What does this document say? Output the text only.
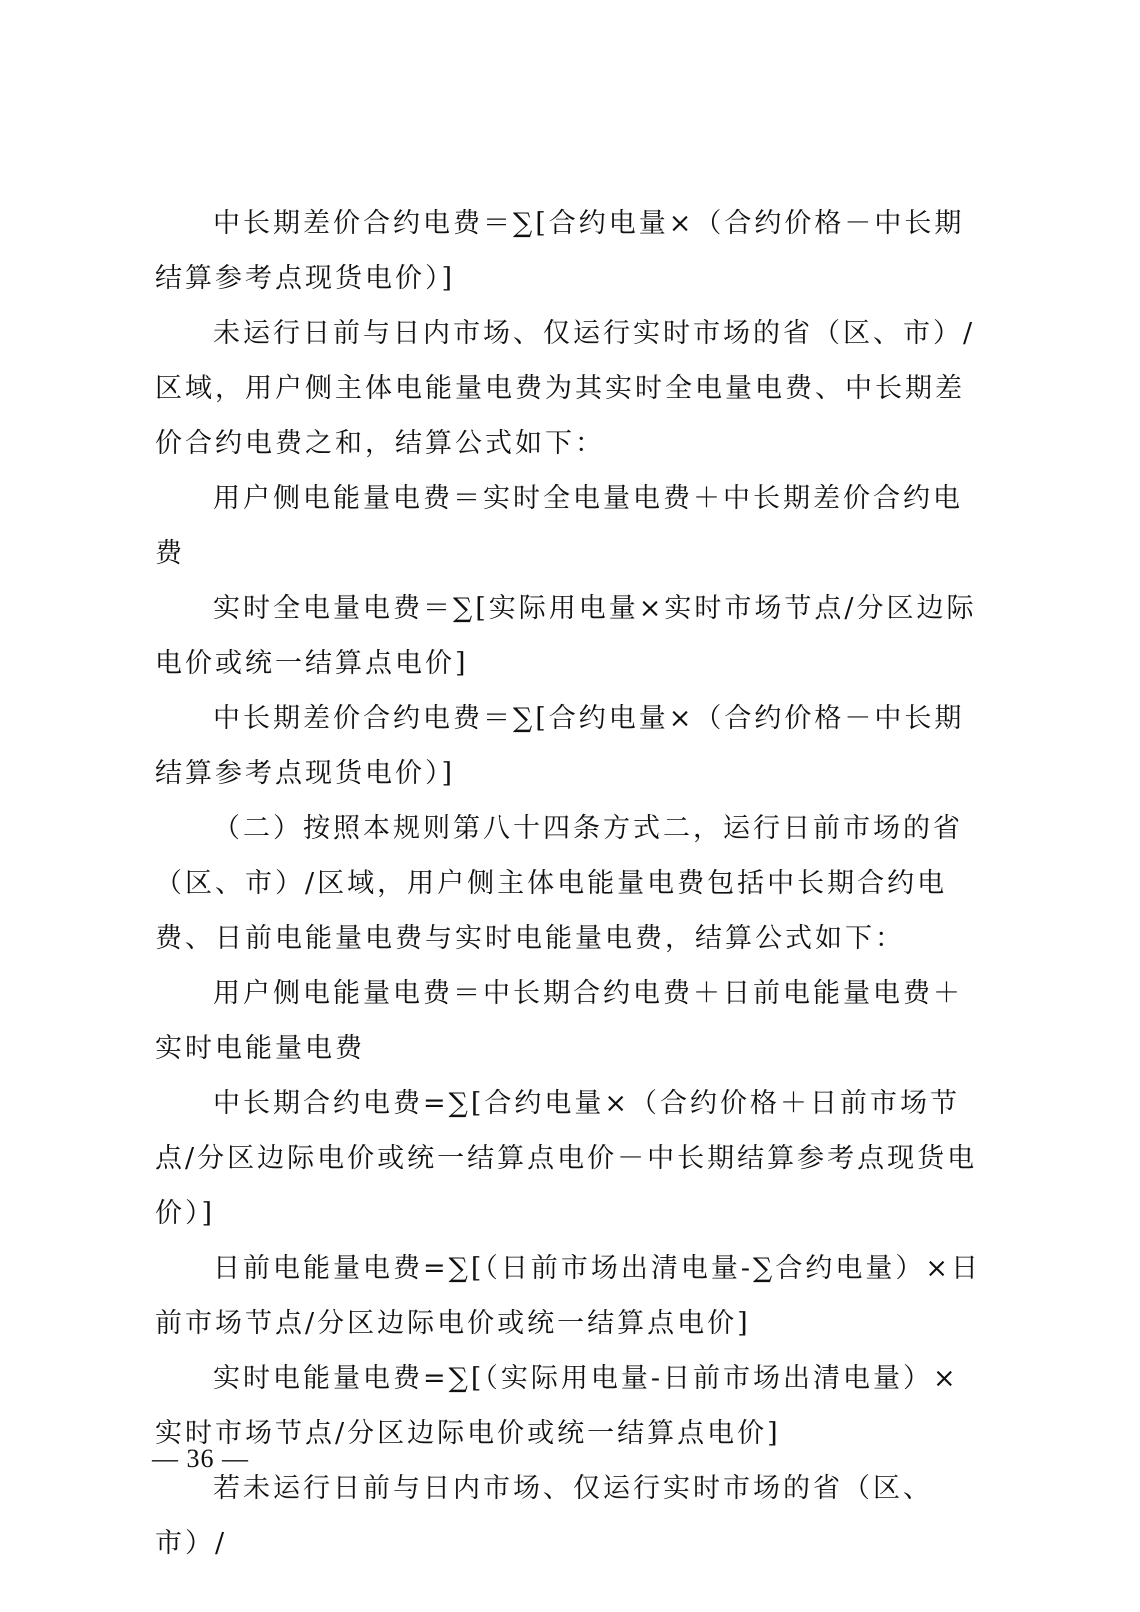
中长期差价合约电费＝∑[合约电量×（合约价格－中长期结算参考点现货电价）]

未运行日前与日内市场、仅运行实时市场的省（区、市）/区域，用户侧主体电能量电费为其实时全电量电费、中长期差价合约电费之和，结算公式如下：

用户侧电能量电费＝实时全电量电费＋中长期差价合约电费

实时全电量电费＝∑[实际用电量×实时市场节点/分区边际电价或统一结算点电价]

中长期差价合约电费＝∑[合约电量×（合约价格－中长期结算参考点现货电价）]

（二）按照本规则第八十四条方式二，运行日前市场的省（区、市）/区域，用户侧主体电能量电费包括中长期合约电费、日前电能量电费与实时电能量电费，结算公式如下：

用户侧电能量电费＝中长期合约电费＋日前电能量电费＋实时电能量电费

中长期合约电费=∑[合约电量×（合约价格＋日前市场节点/分区边际电价或统一结算点电价－中长期结算参考点现货电价）]

日前电能量电费=∑[（日前市场出清电量-∑合约电量）×日前市场节点/分区边际电价或统一结算点电价]

实时电能量电费=∑[（实际用电量-日前市场出清电量）×实时市场节点/分区边际电价或统一结算点电价]

若未运行日前与日内市场、仅运行实时市场的省（区、市）/

— 36 —
